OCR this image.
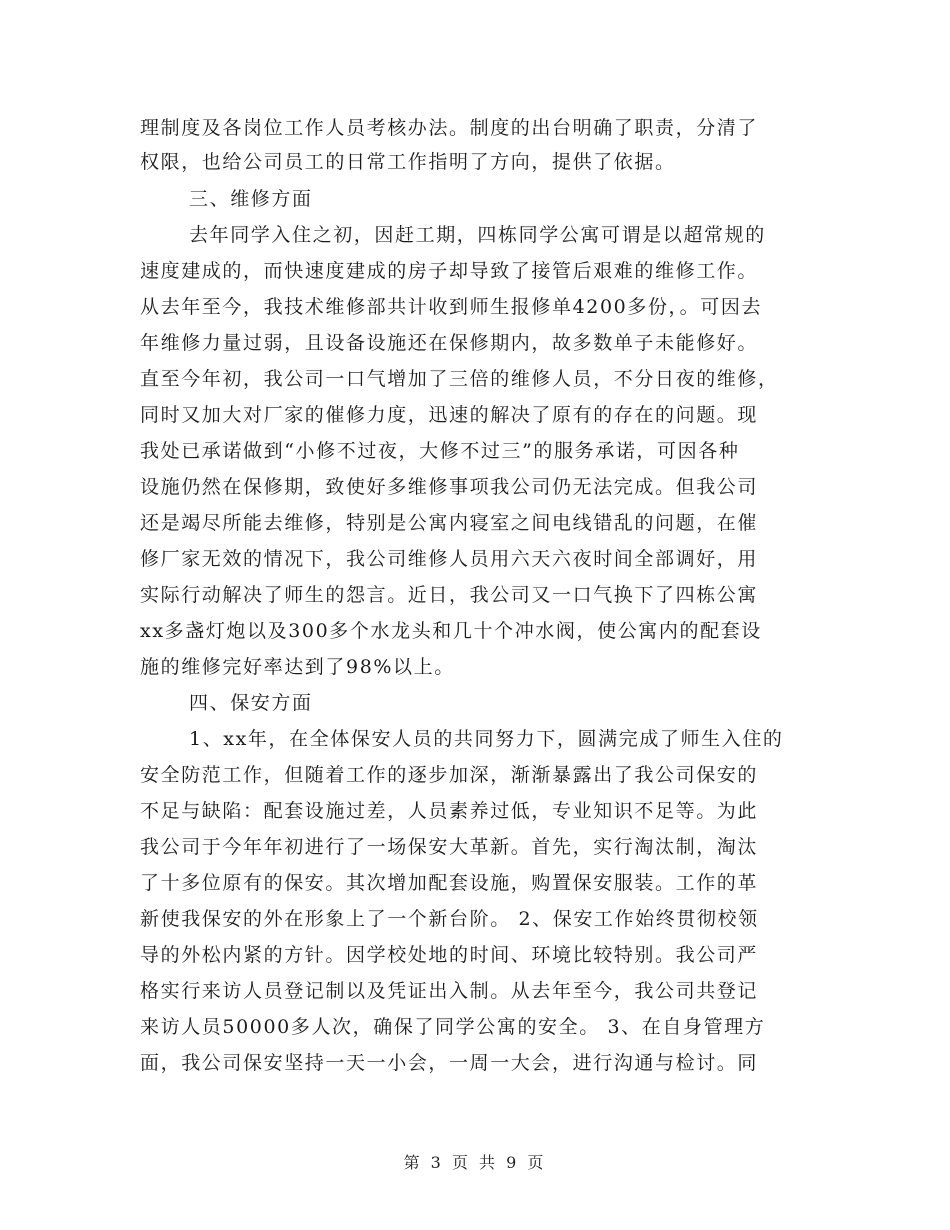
理制度及各岗位工作人员考核办法。制度的出台明确了职责，分清了
权限，也给公司员工的日常工作指明了方向，提供了依据。
三、维修方面
去年同学入住之初，因赶工期，四栋同学公寓可谓是以超常规的
速度建成的，而快速度建成的房子却导致了接管后艰难的维修工作。
从去年至今，我技术维修部共计收到师生报修单4200多份，。可因去
年维修力量过弱，且设备设施还在保修期内，故多数单子未能修好。
直至今年初，我公司一口气增加了三倍的维修人员，不分日夜的维修，
同时又加大对厂家的催修力度，迅速的解决了原有的存在的问题。现
我处已承诺做到“小修不过夜，大修不过三”的服务承诺，可因各种
设施仍然在保修期，致使好多维修事项我公司仍无法完成。但我公司
还是竭尽所能去维修，特别是公寓内寝室之间电线错乱的问题，在催
修厂家无效的情况下，我公司维修人员用六天六夜时间全部调好，用
实际行动解决了师生的怨言。近日，我公司又一口气换下了四栋公寓
xx多盏灯炮以及300多个水龙头和几十个冲水阀，使公寓内的配套设
施的维修完好率达到了98%以上。
四、保安方面
1、xx年，在全体保安人员的共同努力下，圆满完成了师生入住的
安全防范工作，但随着工作的逐步加深，渐渐暴露出了我公司保安的
不足与缺陷：配套设施过差，人员素养过低，专业知识不足等。为此
我公司于今年年初进行了一场保安大革新。首先，实行淘汰制，淘汰
了十多位原有的保安。其次增加配套设施，购置保安服装。工作的革
新使我保安的外在形象上了一个新台阶。 2、保安工作始终贯彻校领
导的外松内紧的方针。因学校处地的时间、环境比较特别。我公司严
格实行来访人员登记制以及凭证出入制。从去年至今，我公司共登记
来访人员50000多人次，确保了同学公寓的安全。 3、在自身管理方
面，我公司保安坚持一天一小会，一周一大会，进行沟通与检讨。同
第 3 页 共 9 页
